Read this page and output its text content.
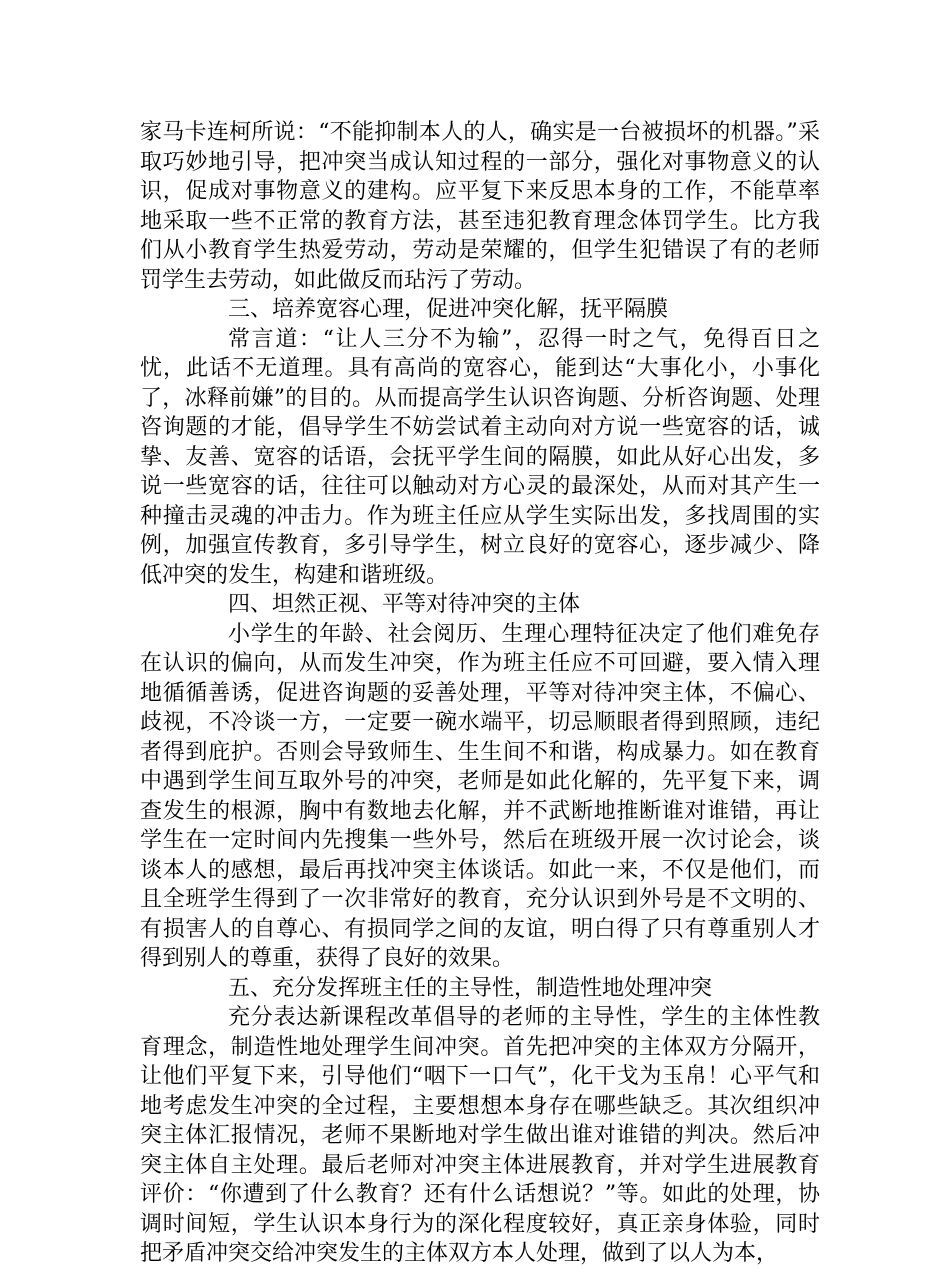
家马卡连柯所说：“不能抑制本人的人，确实是一台被损坏的机器。”采取巧妙地引导，把冲突当成认知过程的一部分，强化对事物意义的认识，促成对事物意义的建构。应平复下来反思本身的工作，不能草率地采取一些不正常的教育方法，甚至违犯教育理念体罚学生。比方我们从小教育学生热爱劳动，劳动是荣耀的，但学生犯错误了有的老师罚学生去劳动，如此做反而玷污了劳动。

三、培养宽容心理，促进冲突化解，抚平隔膜

常言道：“让人三分不为输”，忍得一时之气，免得百日之忧，此话不无道理。具有高尚的宽容心，能到达“大事化小，小事化了，冰释前嫌”的目的。从而提高学生认识咨询题、分析咨询题、处理咨询题的才能，倡导学生不妨尝试着主动向对方说一些宽容的话，诚挚、友善、宽容的话语，会抚平学生间的隔膜，如此从好心出发，多说一些宽容的话，往往可以触动对方心灵的最深处，从而对其产生一种撞击灵魂的冲击力。作为班主任应从学生实际出发，多找周围的实例，加强宣传教育，多引导学生，树立良好的宽容心，逐步减少、降低冲突的发生，构建和谐班级。

四、坦然正视、平等对待冲突的主体

小学生的年龄、社会阅历、生理心理特征决定了他们难免存在认识的偏向，从而发生冲突，作为班主任应不可回避，要入情入理地循循善诱，促进咨询题的妥善处理，平等对待冲突主体，不偏心、歧视，不冷谈一方，一定要一碗水端平，切忌顺眼者得到照顾，违纪者得到庇护。否则会导致师生、生生间不和谐，构成暴力。如在教育中遇到学生间互取外号的冲突，老师是如此化解的，先平复下来，调查发生的根源，胸中有数地去化解，并不武断地推断谁对谁错，再让学生在一定时间内先搜集一些外号，然后在班级开展一次讨论会，谈谈本人的感想，最后再找冲突主体谈话。如此一来，不仅是他们，而且全班学生得到了一次非常好的教育，充分认识到外号是不文明的、有损害人的自尊心、有损同学之间的友谊，明白得了只有尊重别人才得到别人的尊重，获得了良好的效果。

五、充分发挥班主任的主导性，制造性地处理冲突

充分表达新课程改革倡导的老师的主导性，学生的主体性教育理念，制造性地处理学生间冲突。首先把冲突的主体双方分隔开，让他们平复下来，引导他们“咽下一口气”，化干戈为玉帛！心平气和地考虑发生冲突的全过程，主要想想本身存在哪些缺乏。其次组织冲突主体汇报情况，老师不果断地对学生做出谁对谁错的判决。然后冲突主体自主处理。最后老师对冲突主体进展教育，并对学生进展教育评价：“你遭到了什么教育？还有什么话想说？”等。如此的处理，协调时间短，学生认识本身行为的深化程度较好，真正亲身体验，同时把矛盾冲突交给冲突发生的主体双方本人处理，做到了以人为本，
